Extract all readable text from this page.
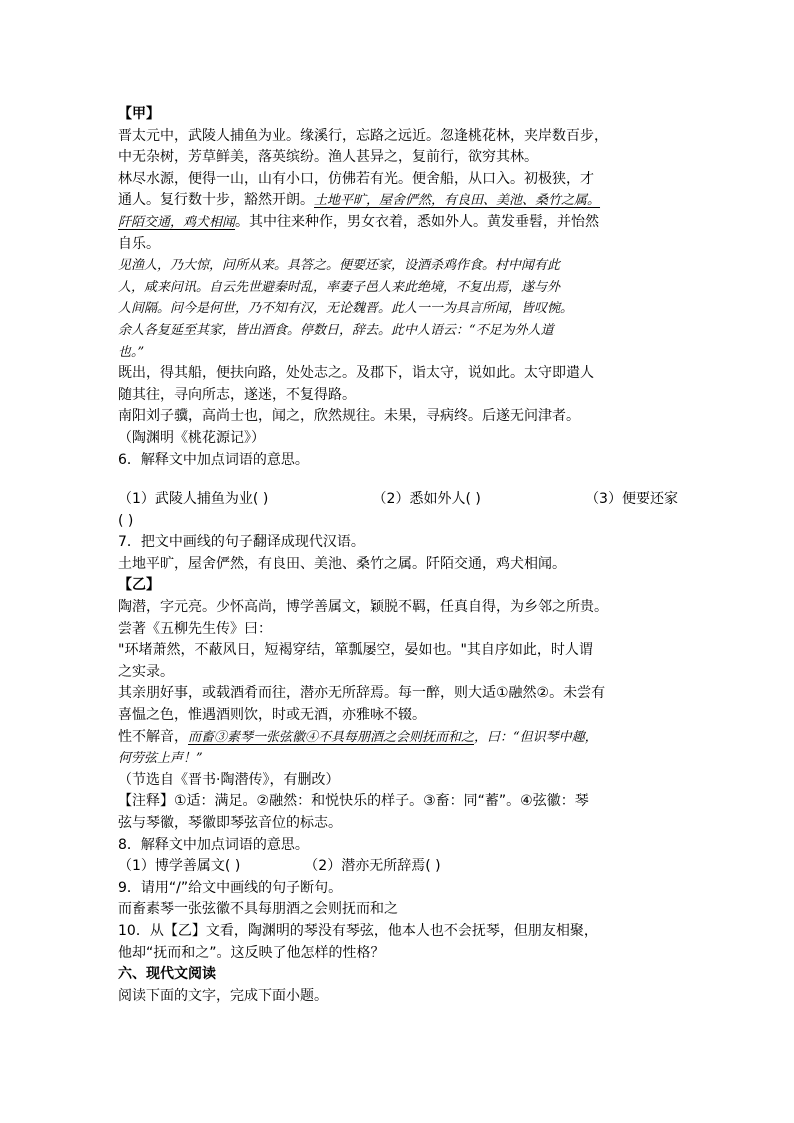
【甲】

晋太元中，武陵人捕鱼为业。缘溪行，忘路之远近。忽逢桃花林，夹岸数百步，

中无杂树，芳草鲜美，落英缤纷。渔人甚异之，复前行，欲穷其林。

林尽水源，便得一山，山有小口，仿佛若有光。便舍船，从口入。初极狭，才

通人。复行数十步，豁然开朗。土地平旷，屋舍俨然，有良田、美池、桑竹之属。

阡陌交通，鸡犬相闻。其中往来种作，男女衣着，悉如外人。黄发垂髫，并怡然

自乐。

见渔人，乃大惊，问所从来。具答之。便要还家，设酒杀鸡作食。村中闻有此

人，咸来问讯。自云先世避秦时乱，率妻子邑人来此绝境，不复出焉，遂与外

人间隔。问今是何世，乃不知有汉，无论魏晋。此人一一为具言所闻，皆叹惋。

余人各复延至其家，皆出酒食。停数日，辞去。此中人语云：“不足为外人道

也。”

既出，得其船，便扶向路，处处志之。及郡下，诣太守，说如此。太守即遣人

随其往，寻向所志，遂迷，不复得路。

南阳刘子骥，高尚士也，闻之，欣然规往。未果，寻病终。后遂无问津者。

（陶渊明《桃花源记》）

6．解释文中加点词语的意思。

（1）武陵人捕鱼为业( )	（2）悉如外人( )	（3）便要还家

( )

7．把文中画线的句子翻译成现代汉语。

土地平旷，屋舍俨然，有良田、美池、桑竹之属。阡陌交通，鸡犬相闻。

【乙】

陶潜，字元亮。少怀高尚，博学善属文，颖脱不羁，任真自得，为乡邻之所贵。

尝著《五柳先生传》曰：

"环堵萧然，不蔽风日，短褐穿结，箪瓢屡空，晏如也。"其自序如此，时人谓

之实录。

其亲朋好事，或载酒肴而往，潜亦无所辞焉。每一醉，则大适①融然②。未尝有

喜愠之色，惟遇酒则饮，时或无酒，亦雅咏不辍。

性不解音，而畜③素琴一张弦徽④不具每朋酒之会则抚而和之，曰：“但识琴中趣，

何劳弦上声！”

（节选自《晋书·陶潜传》，有删改）

【注释】①适：满足。②融然：和悦快乐的样子。③畜：同“蓄”。④弦徽：琴

弦与琴徽，琴徽即琴弦音位的标志。

8．解释文中加点词语的意思。

（1）博学善属文( )	（2）潜亦无所辞焉( )

9．请用“/”给文中画线的句子断句。

而畜素琴一张弦徽不具每朋酒之会则抚而和之

10．从【乙】文看，陶渊明的琴没有琴弦，他本人也不会抚琴，但朋友相聚，

他却“抚而和之”。这反映了他怎样的性格？

六、现代文阅读

阅读下面的文字，完成下面小题。
